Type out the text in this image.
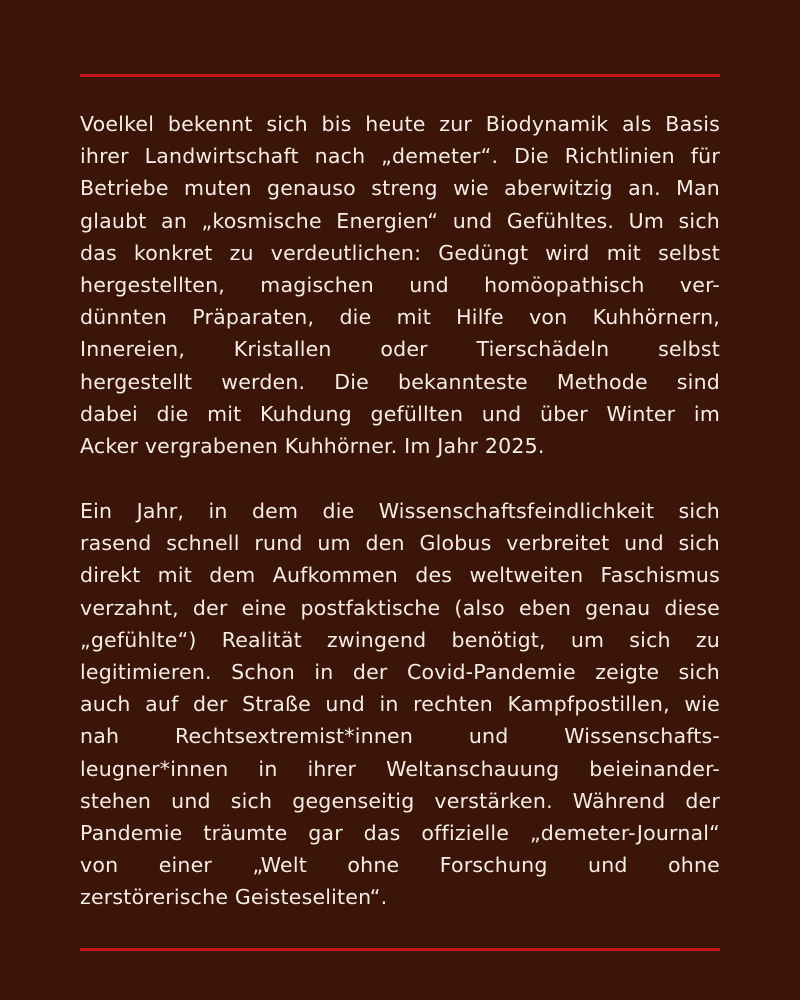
Voelkel bekennt sich bis heute zur Biodynamik als Basis
ihrer Landwirtschaft nach „demeter“. Die Richtlinien für
Betriebe muten genauso streng wie aberwitzig an. Man
glaubt an „kosmische Energien“ und Gefühltes. Um sich
das konkret zu verdeutlichen: Gedüngt wird mit selbst
hergestellten, magischen und homöopathisch ver-
dünnten Präparaten, die mit Hilfe von Kuhhörnern,
Innereien, Kristallen oder Tierschädeln selbst
hergestellt werden. Die bekannteste Methode sind
dabei die mit Kuhdung gefüllten und über Winter im
Acker vergrabenen Kuhhörner. Im Jahr 2025.
Ein Jahr, in dem die Wissenschaftsfeindlichkeit sich
rasend schnell rund um den Globus verbreitet und sich
direkt mit dem Aufkommen des weltweiten Faschismus
verzahnt, der eine postfaktische (also eben genau diese
„gefühlte“) Realität zwingend benötigt, um sich zu
legitimieren. Schon in der Covid-Pandemie zeigte sich
auch auf der Straße und in rechten Kampfpostillen, wie
nah Rechtsextremist*innen und Wissenschafts-
leugner*innen in ihrer Weltanschauung beieinander-
stehen und sich gegenseitig verstärken. Während der
Pandemie träumte gar das offizielle „demeter-Journal“
von einer „Welt ohne Forschung und ohne
zerstörerische Geisteseliten“.
